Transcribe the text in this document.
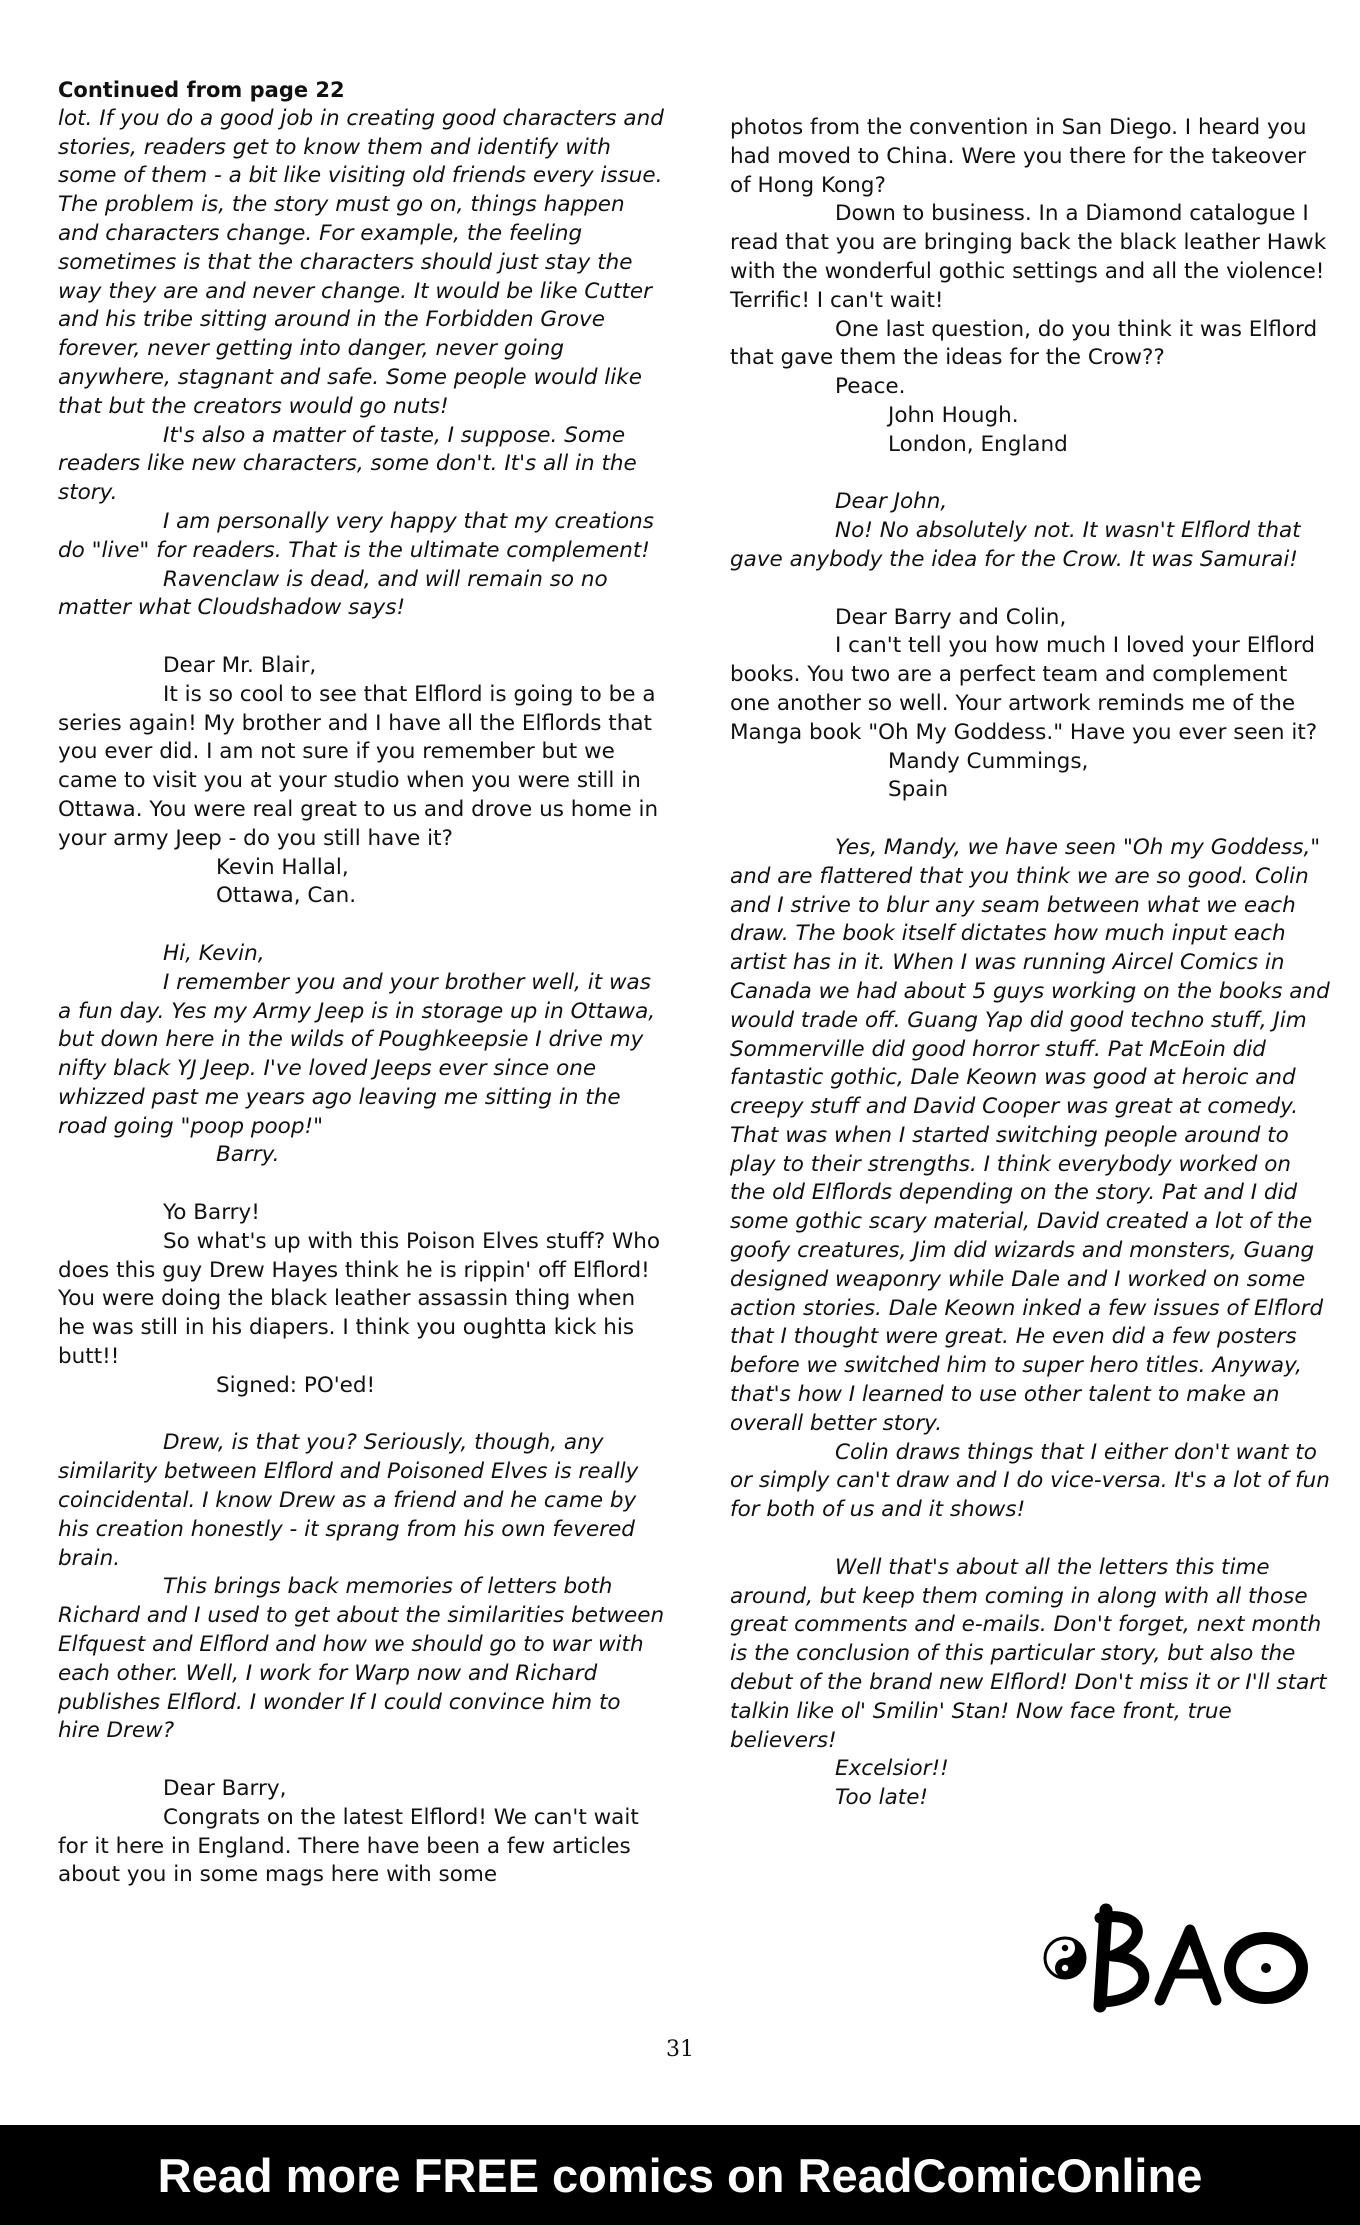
Continued from page 22

lot. If you do a good job in creating good characters and stories, readers get to know them and identify with some of them - a bit like visiting old friends every issue. The problem is, the story must go on, things happen and characters change. For example, the feeling sometimes is that the characters should just stay the way they are and never change. It would be like Cutter and his tribe sitting around in the Forbidden Grove forever, never getting into danger, never going anywhere, stagnant and safe. Some people would like that but the creators would go nuts!

It's also a matter of taste, I suppose. Some readers like new characters, some don't. It's all in the story.

I am personally very happy that my creations do "live" for readers. That is the ultimate complement!

Ravenclaw is dead, and will remain so no matter what Cloudshadow says!

Dear Mr. Blair,

It is so cool to see that Elflord is going to be a series again! My brother and I have all the Elflords that you ever did. I am not sure if you remember but we came to visit you at your studio when you were still in Ottawa. You were real great to us and drove us home in your army Jeep - do you still have it?

Kevin Hallal,

Ottawa, Can.

Hi, Kevin,

I remember you and your brother well, it was a fun day. Yes my Army Jeep is in storage up in Ottawa, but down here in the wilds of Poughkeepsie I drive my nifty black YJ Jeep. I've loved Jeeps ever since one whizzed past me years ago leaving me sitting in the road going "poop poop!"

Barry.

Yo Barry!

So what's up with this Poison Elves stuff? Who does this guy Drew Hayes think he is rippin' off Elflord! You were doing the black leather assassin thing when he was still in his diapers. I think you oughtta kick his butt!!

Signed: PO'ed!

Drew, is that you? Seriously, though, any similarity between Elflord and Poisoned Elves is really coincidental. I know Drew as a friend and he came by his creation honestly - it sprang from his own fevered brain.

This brings back memories of letters both Richard and I used to get about the similarities between Elfquest and Elflord and how we should go to war with each other. Well, I work for Warp now and Richard publishes Elflord. I wonder If I could convince him to hire Drew?

Dear Barry,

Congrats on the latest Elflord! We can't wait for it here in England. There have been a few articles about you in some mags here with some

photos from the convention in San Diego. I heard you had moved to China. Were you there for the takeover of Hong Kong?

Down to business. In a Diamond catalogue I read that you are bringing back the black leather Hawk with the wonderful gothic settings and all the violence! Terrific! I can't wait!

One last question, do you think it was Elflord that gave them the ideas for the Crow??

Peace.

John Hough.

London, England

Dear John,

No! No absolutely not. It wasn't Elflord that gave anybody the idea for the Crow. It was Samurai!

Dear Barry and Colin,

I can't tell you how much I loved your Elflord books. You two are a perfect team and complement one another so well. Your artwork reminds me of the Manga book "Oh My Goddess." Have you ever seen it?

Mandy Cummings,

Spain

Yes, Mandy, we have seen "Oh my Goddess," and are flattered that you think we are so good. Colin and I strive to blur any seam between what we each draw. The book itself dictates how much input each artist has in it. When I was running Aircel Comics in Canada we had about 5 guys working on the books and would trade off. Guang Yap did good techno stuff, Jim Sommerville did good horror stuff. Pat McEoin did fantastic gothic, Dale Keown was good at heroic and creepy stuff and David Cooper was great at comedy. That was when I started switching people around to play to their strengths. I think everybody worked on the old Elflords depending on the story. Pat and I did some gothic scary material, David created a lot of the goofy creatures, Jim did wizards and monsters, Guang designed weaponry while Dale and I worked on some action stories. Dale Keown inked a few issues of Elflord that I thought were great. He even did a few posters before we switched him to super hero titles. Anyway, that's how I learned to use other talent to make an overall better story.

Colin draws things that I either don't want to or simply can't draw and I do vice-versa. It's a lot of fun for both of us and it shows!

Well that's about all the letters this time around, but keep them coming in along with all those great comments and e-mails. Don't forget, next month is the conclusion of this particular story, but also the debut of the brand new Elflord! Don't miss it or I'll start talkin like ol' Smilin' Stan! Now face front, true believers!

Excelsior!!

Too late!

31
Read more FREE comics on ReadComicOnline
